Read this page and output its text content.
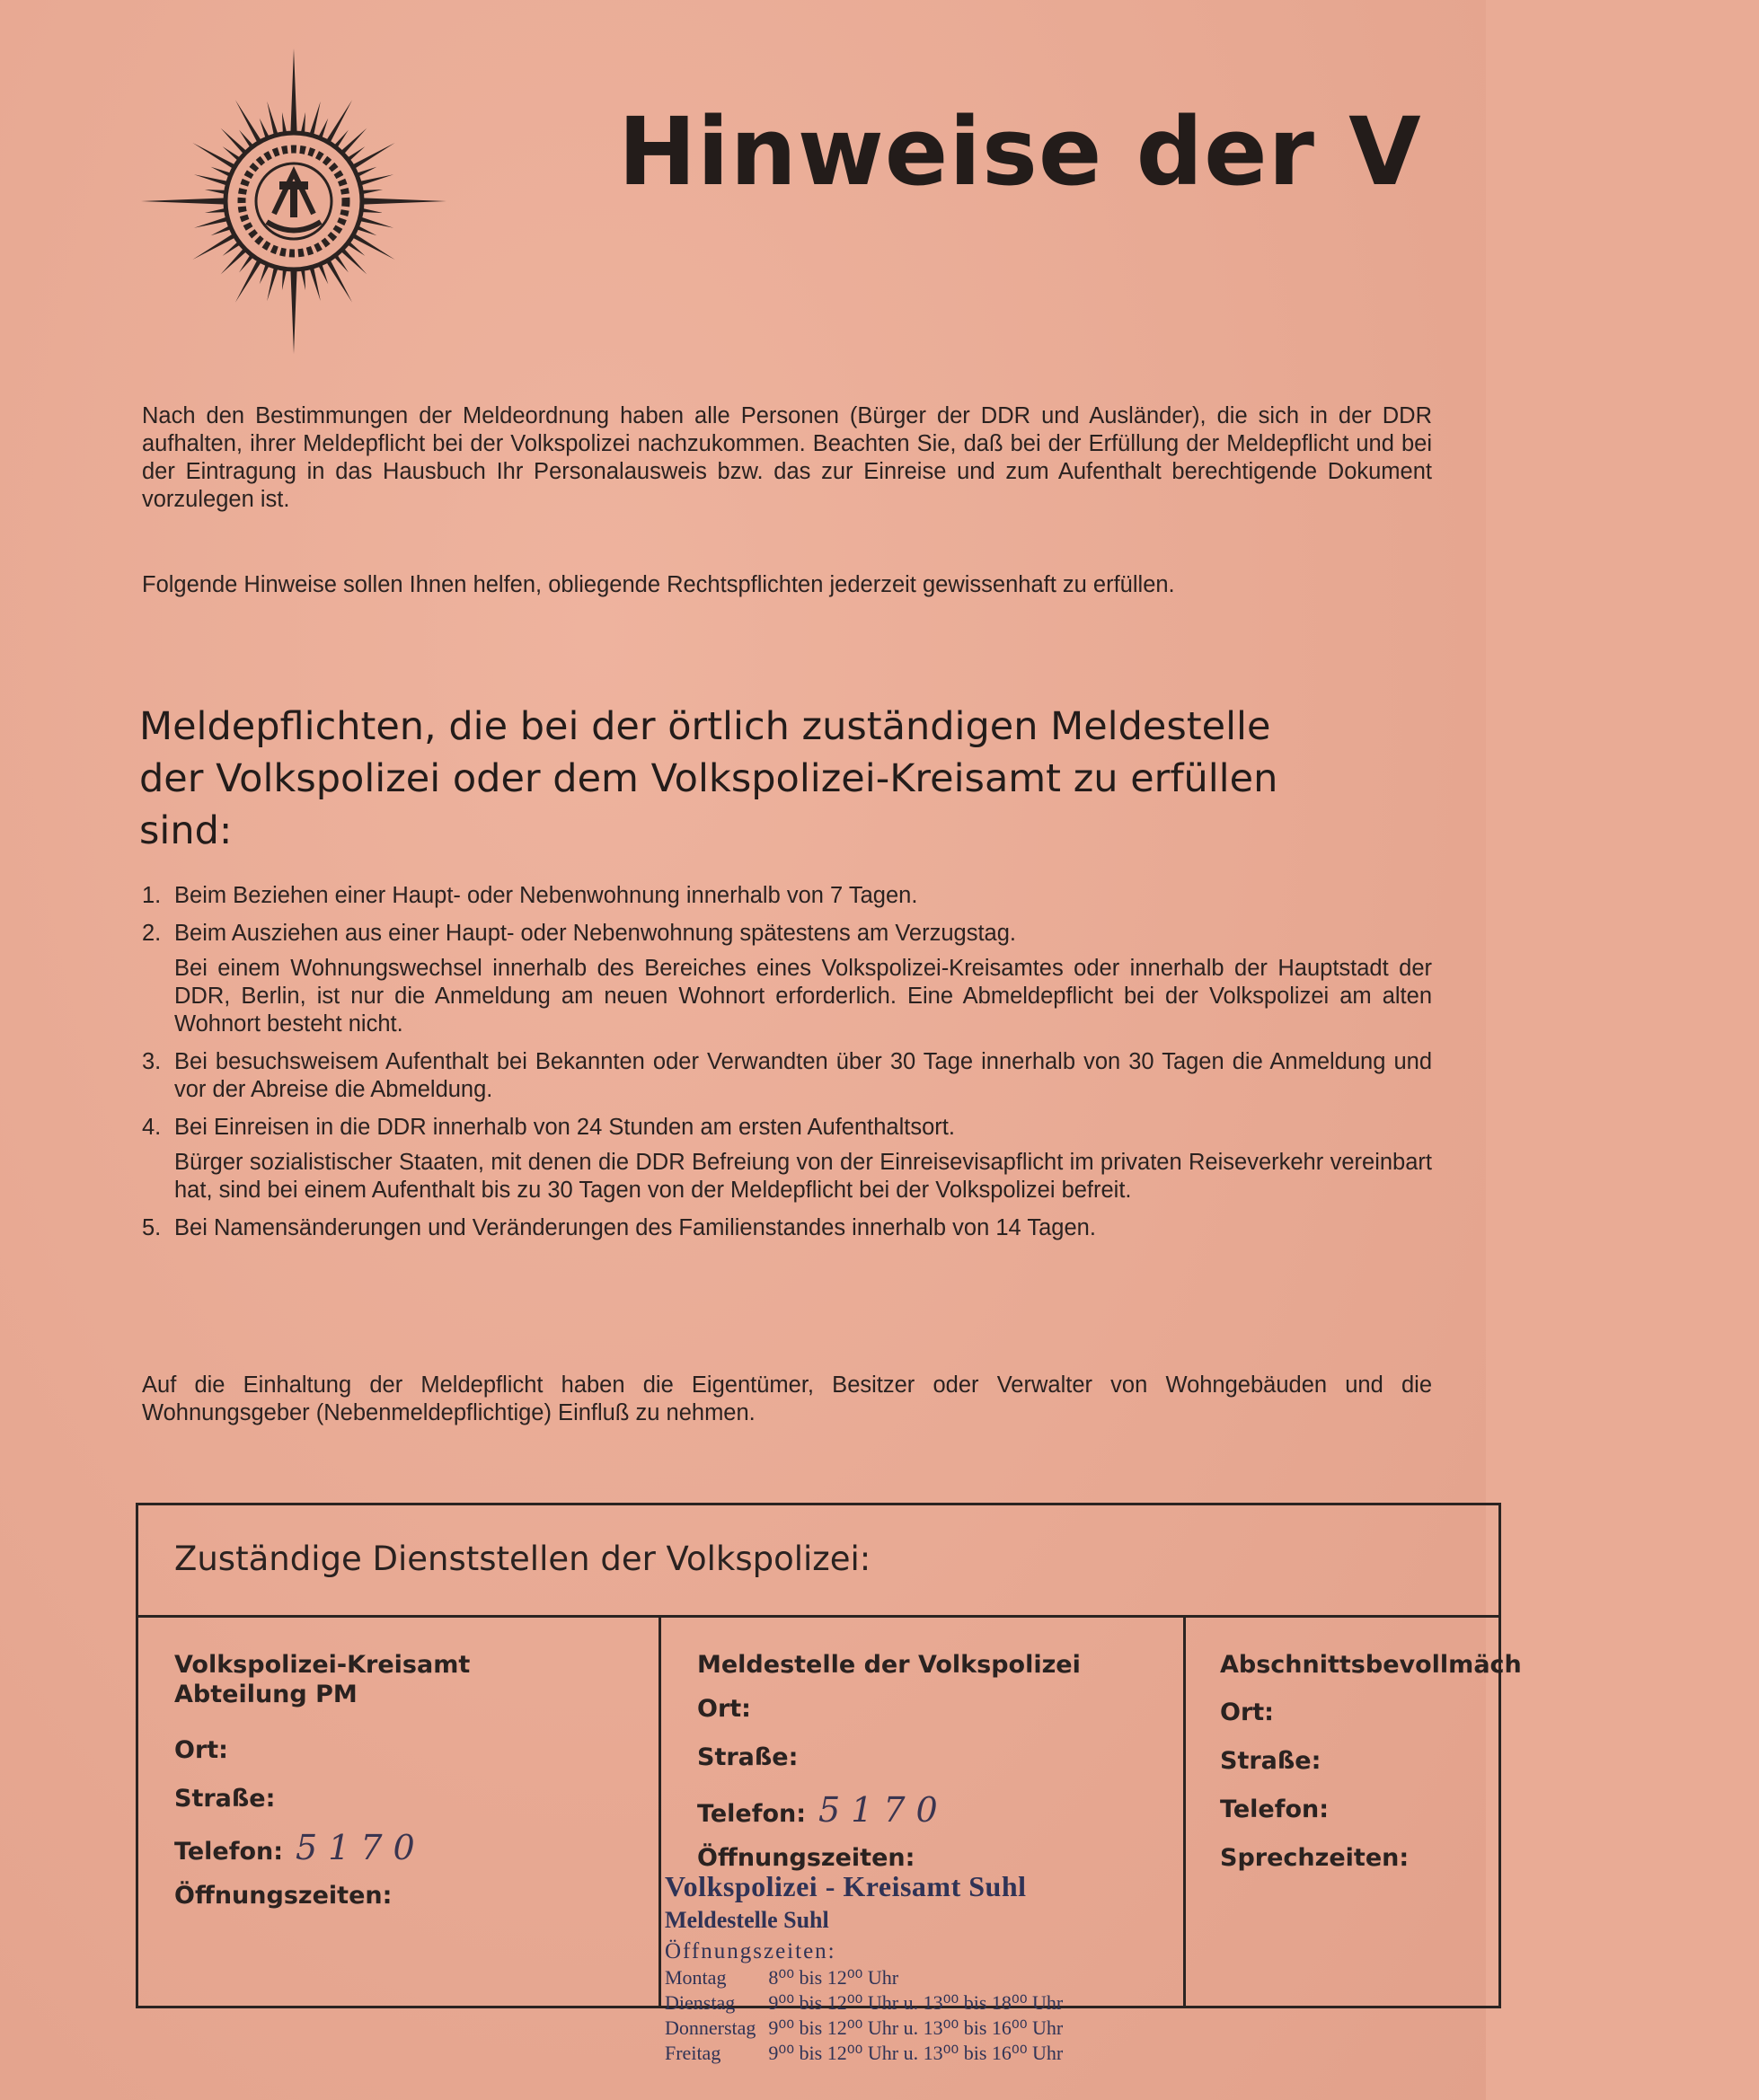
Hinweise der V

Nach den Bestimmungen der Meldeordnung haben alle Personen (Bürger der DDR und Ausländer), die sich in der DDR aufhalten, ihrer Meldepflicht bei der Volkspolizei nachzukommen. Beachten Sie, daß bei der Erfüllung der Meldepflicht und bei der Eintragung in das Hausbuch Ihr Personalausweis bzw. das zur Einreise und zum Aufenthalt berechtigende Dokument vorzulegen ist.

Folgende Hinweise sollen Ihnen helfen, obliegende Rechtspflichten jederzeit gewissenhaft zu erfüllen.

Meldepflichten, die bei der örtlich zuständigen Meldestelle der Volkspolizei oder dem Volkspolizei-Kreisamt zu erfüllen sind:
1. Beim Beziehen einer Haupt- oder Nebenwohnung innerhalb von 7 Tagen.
2. Beim Ausziehen aus einer Haupt- oder Nebenwohnung spätestens am Verzugstag.
Bei einem Wohnungswechsel innerhalb des Bereiches eines Volkspolizei-Kreisamtes oder innerhalb der Hauptstadt der DDR, Berlin, ist nur die Anmeldung am neuen Wohnort erforderlich. Eine Abmeldepflicht bei der Volkspolizei am alten Wohnort besteht nicht.
3. Bei besuchsweisem Aufenthalt bei Bekannten oder Verwandten über 30 Tage innerhalb von 30 Tagen die Anmeldung und vor der Abreise die Abmeldung.
4. Bei Einreisen in die DDR innerhalb von 24 Stunden am ersten Aufenthaltsort.
Bürger sozialistischer Staaten, mit denen die DDR Befreiung von der Einreisevisapflicht im privaten Reiseverkehr vereinbart hat, sind bei einem Aufenthalt bis zu 30 Tagen von der Meldepflicht bei der Volkspolizei befreit.
5. Bei Namensänderungen und Veränderungen des Familienstandes innerhalb von 14 Tagen.

Auf die Einhaltung der Meldepflicht haben die Eigentümer, Besitzer oder Verwalter von Wohngebäuden und die Wohnungsgeber (Nebenmeldepflichtige) Einfluß zu nehmen.

Zuständige Dienststellen der Volkspolizei:

Volkspolizei-Kreisamt Abteilung PM

Ort:
Straße:
Telefon: 5170
Öffnungszeiten:

Meldestelle der Volkspolizei

Ort:
Straße:
Telefon: 5170
Öffnungszeiten:

Abschnittsbevollmäch

Ort:
Straße:
Telefon:
Sprechzeiten:
Volkspolizei - Kreisamt Suhl
Meldestelle Suhl
Öffnungszeiten:
Montag	8⁰⁰ bis 12⁰⁰ Uhr
Dienstag	9⁰⁰ bis 12⁰⁰ Uhr u. 13⁰⁰ bis 18⁰⁰ Uhr
Donnerstag	9⁰⁰ bis 12⁰⁰ Uhr u. 13⁰⁰ bis 16⁰⁰ Uhr
Freitag	9⁰⁰ bis 12⁰⁰ Uhr u. 13⁰⁰ bis 16⁰⁰ Uhr
